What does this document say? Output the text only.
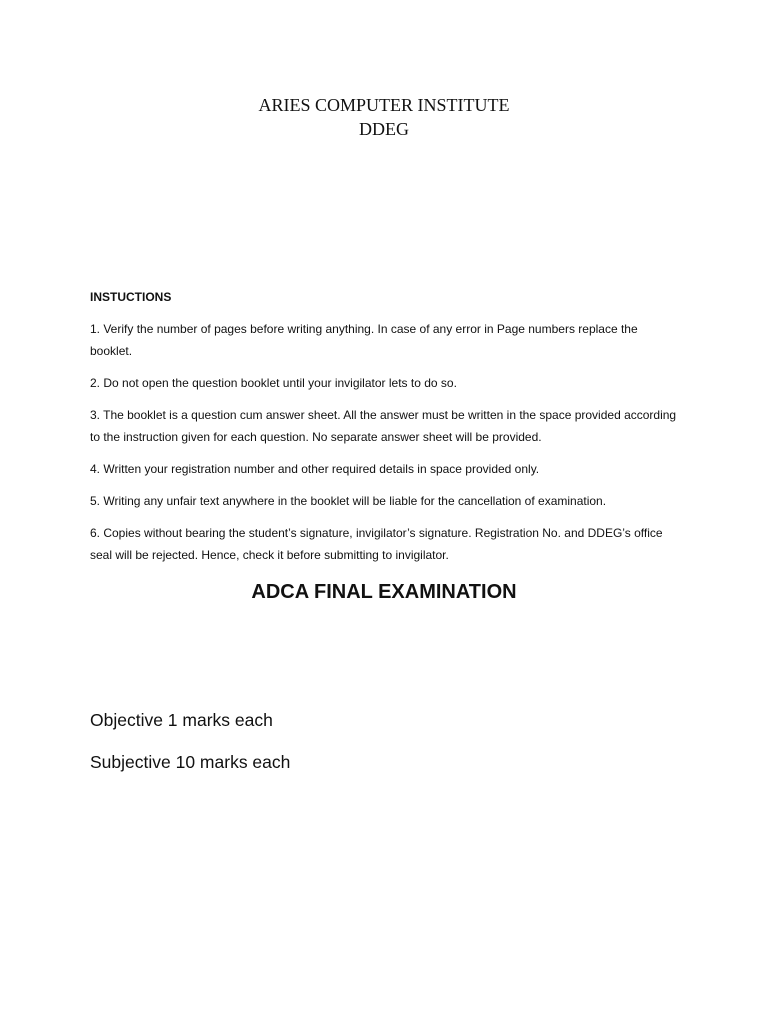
ARIES COMPUTER INSTITUTE
DDEG
INSTUCTIONS
1. Verify the number of pages before writing anything. In case of any error in Page numbers replace the booklet.
2. Do not open the question booklet until your invigilator lets to do so.
3. The booklet is a question cum answer sheet. All the answer must be written in the space provided according to the instruction given for each question. No separate answer sheet will be provided.
4. Written your registration number and other required details in space provided only.
5. Writing any unfair text anywhere in the booklet will be liable for the cancellation of examination.
6. Copies without bearing the student’s signature, invigilator’s signature. Registration No. and DDEG’s office seal will be rejected. Hence, check it before submitting to invigilator.
ADCA FINAL EXAMINATION
Objective 1 marks each
Subjective 10 marks each
